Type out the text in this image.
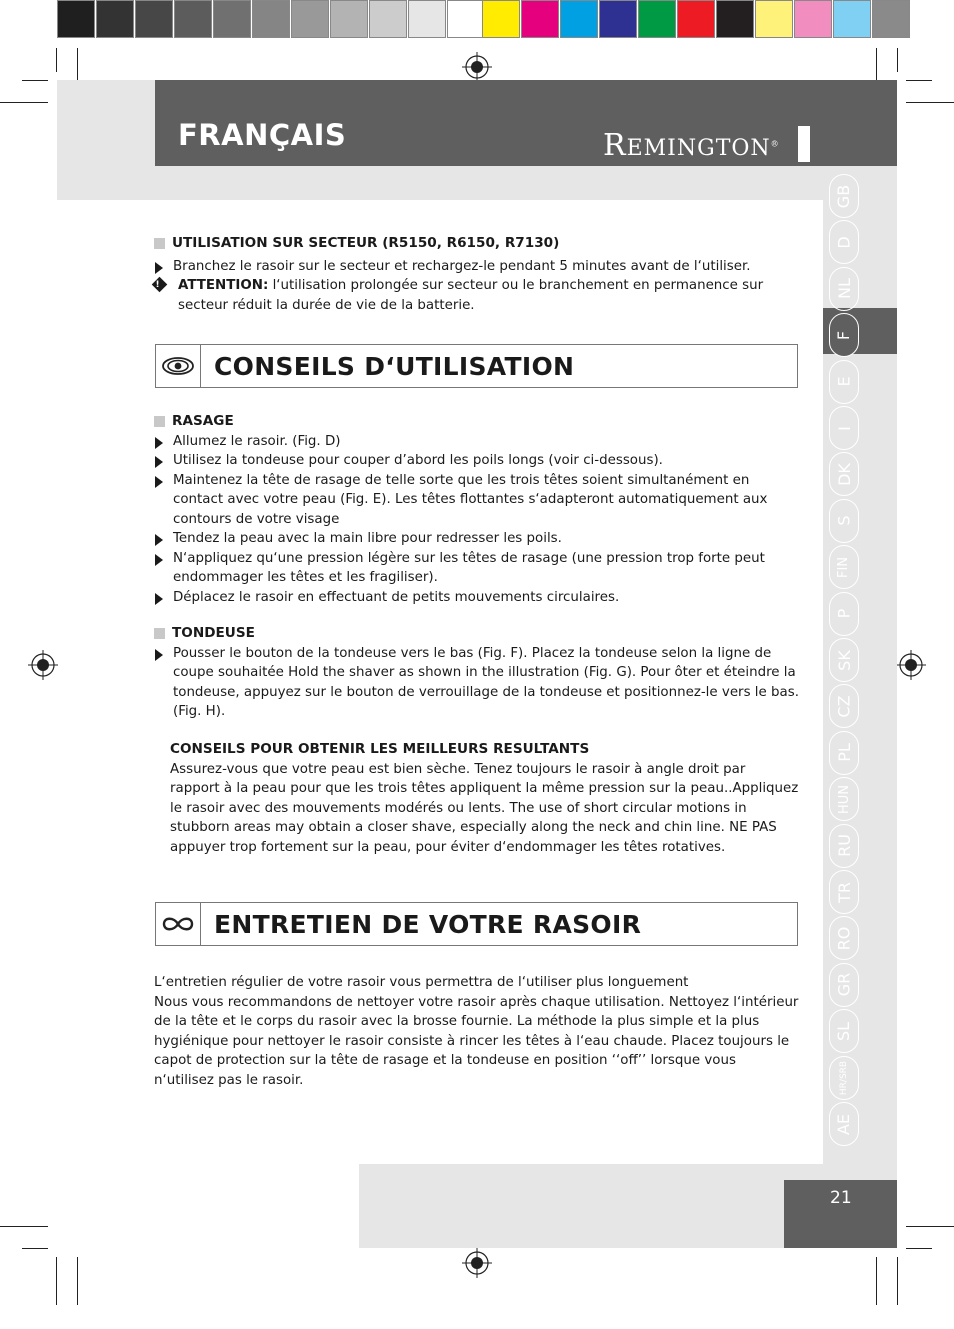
FRANÇAIS	REMINGTON®
GB
D
NL
F
E
I
DK
S
FIN
P
SK
CZ
PL
HUN
RU
TR
RO
GR
SL
HR/SRB
AE
UTILISATION SUR SECTEUR (R5150, R6150, R7130)
Branchez le rasoir sur le secteur et rechargez-le pendant 5 minutes avant de l‘utiliser.
!
ATTENTION: l‘utilisation prolongée sur secteur ou le branchement en permanence sur secteur réduit la durée de vie de la batterie.
CONSEILS D‘UTILISATION
RASAGE
Allumez le rasoir. (Fig. D)
Utilisez la tondeuse pour couper d’abord les poils longs (voir ci-dessous).
Maintenez la tête de rasage de telle sorte que les trois têtes soient simultanément en contact avec votre peau (Fig. E). Les têtes flottantes s‘adapteront automatiquement aux contours de votre visage
Tendez la peau avec la main libre pour redresser les poils.
N‘appliquez qu‘une pression légère sur les têtes de rasage (une pression trop forte peut endommager les têtes et les fragiliser).
Déplacez le rasoir en effectuant de petits mouvements circulaires.
TONDEUSE
Pousser le bouton de la tondeuse vers le bas (Fig. F). Placez la tondeuse selon la ligne de coupe souhaitée Hold the shaver as shown in the illustration (Fig. G). Pour ôter et éteindre la tondeuse, appuyez sur le bouton de verrouillage de la tondeuse et positionnez-le vers le bas. (Fig. H).
CONSEILS POUR OBTENIR LES MEILLEURS RESULTANTS
Assurez-vous que votre peau est bien sèche. Tenez toujours le rasoir à angle droit par rapport à la peau pour que les trois têtes appliquent la même pression sur la peau..Appliquez le rasoir avec des mouvements modérés ou lents. The use of short circular motions in stubborn areas may obtain a closer shave, especially along the neck and chin line. NE PAS appuyer trop fortement sur la peau, pour éviter d‘endommager les têtes rotatives.
ENTRETIEN DE VOTRE RASOIR
L‘entretien régulier de votre rasoir vous permettra de l‘utiliser plus longuement
Nous vous recommandons de nettoyer votre rasoir après chaque utilisation. Nettoyez l‘intérieur de la tête et le corps du rasoir avec la brosse fournie. La méthode la plus simple et la plus hygiénique pour nettoyer le rasoir consiste à rincer les têtes à l‘eau chaude. Placez toujours le capot de protection sur la tête de rasage et la tondeuse en position ‘‘off’’ lorsque vous n‘utilisez pas le rasoir.
21
